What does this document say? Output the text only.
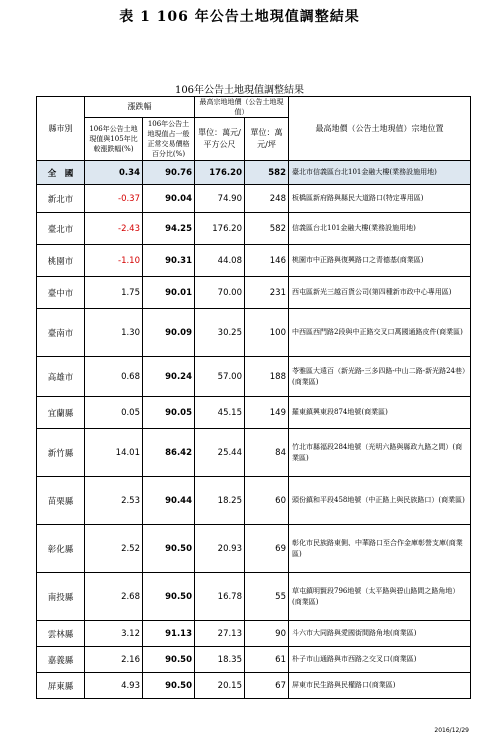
表 1 106 年公告土地現值調整結果
106年公告土地現值調整結果
縣市別	漲跌幅		最高宗地地價（公告土地現值）		最高地價（公告土地現值）宗地位置
	106年公告土地現值與105年比較漲跌幅(%)	106年公告土地現值占一般正常交易價格百分比(%)	單位：萬元/平方公尺	單位：萬元/坪	
全　國	0.34	90.76	176.20	582	臺北市信義區台北101金融大樓(業務設施用地)
新北市	-0.37	90.04	74.90	248	板橋區新府路與縣民大道路口(特定專用區)
臺北市	-2.43	94.25	176.20	582	信義區台北101金融大樓(業務設施用地)
桃園市	-1.10	90.31	44.08	146	桃園市中正路與復興路口之青德基(商業區)
臺中市	1.75	90.01	70.00	231	西屯區新光三越百貨公司(第四種新市政中心專用區)
臺南市	1.30	90.09	30.25	100	中西區西門路2段與中正路交叉口萬國通路皮件(商業區)
高雄市	0.68	90.24	57.00	188	苓雅區大遠百（新光路-三多四路-中山二路-新光路24巷）(商業區)
宜蘭縣	0.05	90.05	45.15	149	羅東鎮興東段874地號(商業區)
新竹縣	14.01	86.42	25.44	84	竹北市縣福段284地號（光明六路與縣政九路之間）(商業區)
苗栗縣	2.53	90.44	18.25	60	頭份鎮和平段458地號（中正路上與民族路口）(商業區)
彰化縣	2.52	90.50	20.93	69	彰化市民族路東側、中華路口至合作金庫彰營支庫(商業區)
南投縣	2.68	90.50	16.78	55	草屯鎮明賢段796地號（太平路與碧山路間之路角地）(商業區)
雲林縣	3.12	91.13	27.13	90	斗六市大同路與愛國街間路角地(商業區)
嘉義縣	2.16	90.50	18.35	61	朴子市山通路與市西路之交叉口(商業區)
屏東縣	4.93	90.50	20.15	67	屏東市民生路與民權路口(商業區)
2016/12/29
